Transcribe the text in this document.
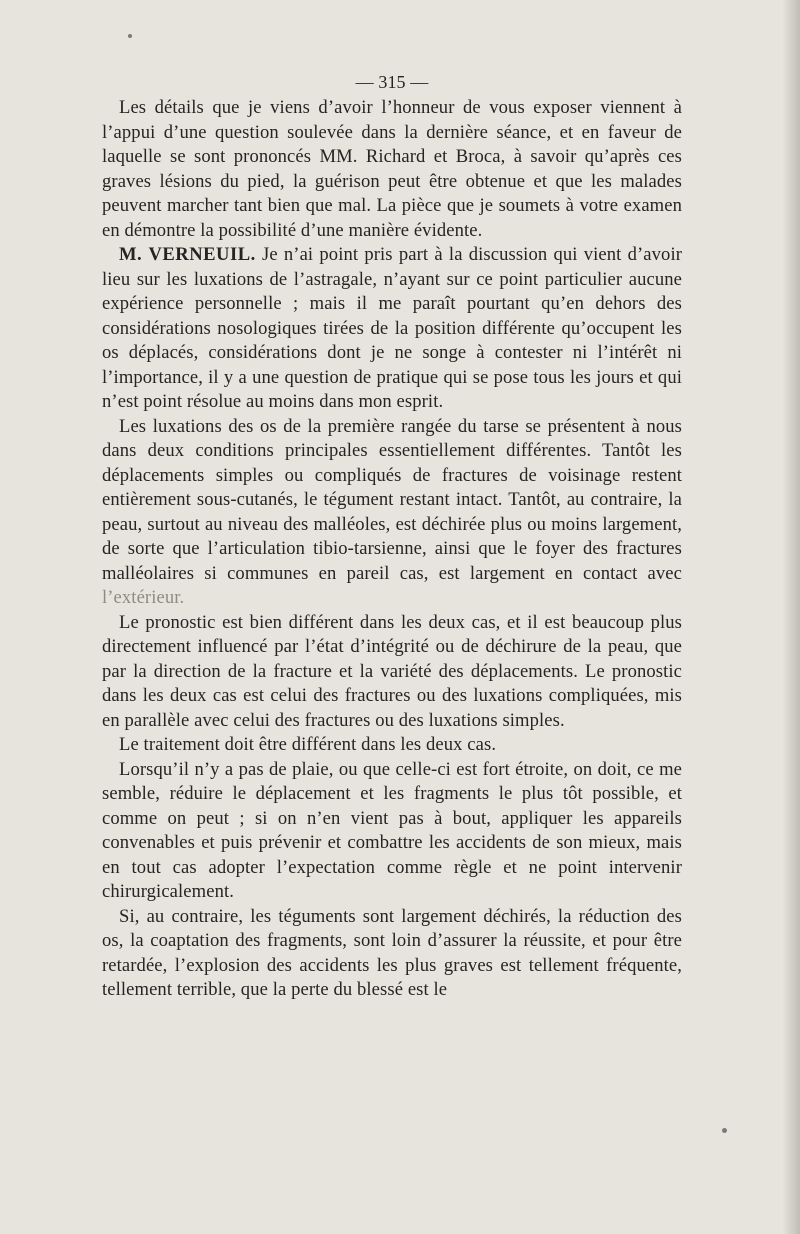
— 315 —

Les détails que je viens d’avoir l’honneur de vous exposer viennent à l’appui d’une question soulevée dans la dernière séance, et en faveur de laquelle se sont prononcés MM. Richard et Broca, à savoir qu’après ces graves lésions du pied, la guérison peut être obtenue et que les malades peuvent marcher tant bien que mal. La pièce que je soumets à votre examen en démontre la possibilité d’une manière évidente.

M. VERNEUIL. Je n’ai point pris part à la discussion qui vient d’avoir lieu sur les luxations de l’astragale, n’ayant sur ce point particulier aucune expérience personnelle ; mais il me paraît pourtant qu’en dehors des considérations nosologiques tirées de la position différente qu’occupent les os déplacés, considérations dont je ne songe à contester ni l’intérêt ni l’importance, il y a une question de pratique qui se pose tous les jours et qui n’est point résolue au moins dans mon esprit.

Les luxations des os de la première rangée du tarse se présentent à nous dans deux conditions principales essentiellement différentes. Tantôt les déplacements simples ou compliqués de fractures de voisinage restent entièrement sous-cutanés, le tégument restant intact. Tantôt, au contraire, la peau, surtout au niveau des malléoles, est déchirée plus ou moins largement, de sorte que l’articulation tibio-tarsienne, ainsi que le foyer des fractures malléolaires si communes en pareil cas, est largement en contact avec l’extérieur.

Le pronostic est bien différent dans les deux cas, et il est beaucoup plus directement influencé par l’état d’intégrité ou de déchirure de la peau, que par la direction de la fracture et la variété des déplacements. Le pronostic dans les deux cas est celui des fractures ou des luxations compliquées, mis en parallèle avec celui des fractures ou des luxations simples.

Le traitement doit être différent dans les deux cas.

Lorsqu’il n’y a pas de plaie, ou que celle-ci est fort étroite, on doit, ce me semble, réduire le déplacement et les fragments le plus tôt possible, et comme on peut ; si on n’en vient pas à bout, appliquer les appareils convenables et puis prévenir et combattre les accidents de son mieux, mais en tout cas adopter l’expectation comme règle et ne point intervenir chirurgicalement.

Si, au contraire, les téguments sont largement déchirés, la réduction des os, la coaptation des fragments, sont loin d’assurer la réussite, et pour être retardée, l’explosion des accidents les plus graves est tellement fréquente, tellement terrible, que la perte du blessé est le
